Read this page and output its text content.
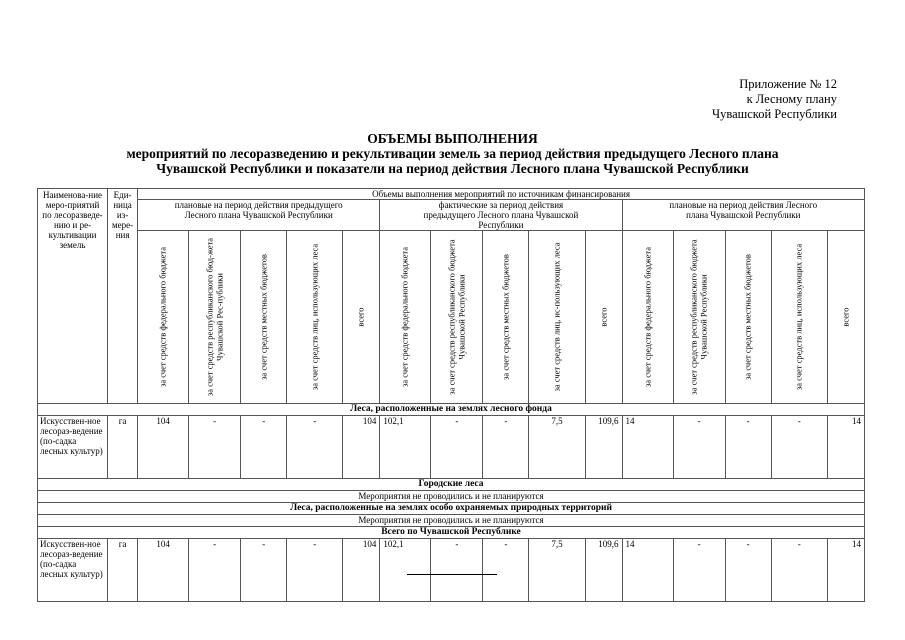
Приложение № 12
к Лесному плану
Чувашской Республики
ОБЪЕМЫ ВЫПОЛНЕНИЯ
мероприятий по лесоразведению и рекультивации земель за период действия предыдущего Лесного плана
Чувашской Республики и показатели на период действия Лесного плана Чувашской Республики
Наименова-ние меро-приятий по лесоразведе-нию и ре-культивации земель	Еди-ница из-мере-ния	Объемы выполнения мероприятий по источникам финансирования														
		плановые на период действия предыдущего Лесного плана Чувашской Республики					фактические за период действия предыдущего Лесного плана Чувашской Республики					плановые на период действия Лесного плана Чувашской Республики				

		за счет средств федерального бюджета	за счет средств республиканского бюд-жета Чувашской Рес-публики	за счет средств местных бюджетов	за счет средств лиц, использующих леса	всего	за счет средств федерального бюджета	за счет средств республиканского бюджета Чувашской Республики	за счет средств местных бюджетов	за счет средств лиц, ис-пользующих леса	всего	за счет средств федерального бюджета	за счет средств республиканского бюджета Чувашской Республики	за счет средств местных бюджетов	за счет средств лиц, использующих леса	всего

Леса, расположенные на землях лесного фонда																
Искусствен-ное лесораз-ведение (по-садка лесных культур)	га	104	-	-	-	104	102,1	-	-	7,5	109,6	14	-	-	-	14
Городские леса																
Мероприятия не проводились и не планируются																
Леса, расположенные на землях особо охраняемых природных территорий																
Мероприятия не проводились и не планируются																
Всего по Чувашской Республике																
Искусствен-ное лесораз-ведение (по-садка лесных культур)	га	104	-	-	-	104	102,1	-	-	7,5	109,6	14	-	-	-	14
